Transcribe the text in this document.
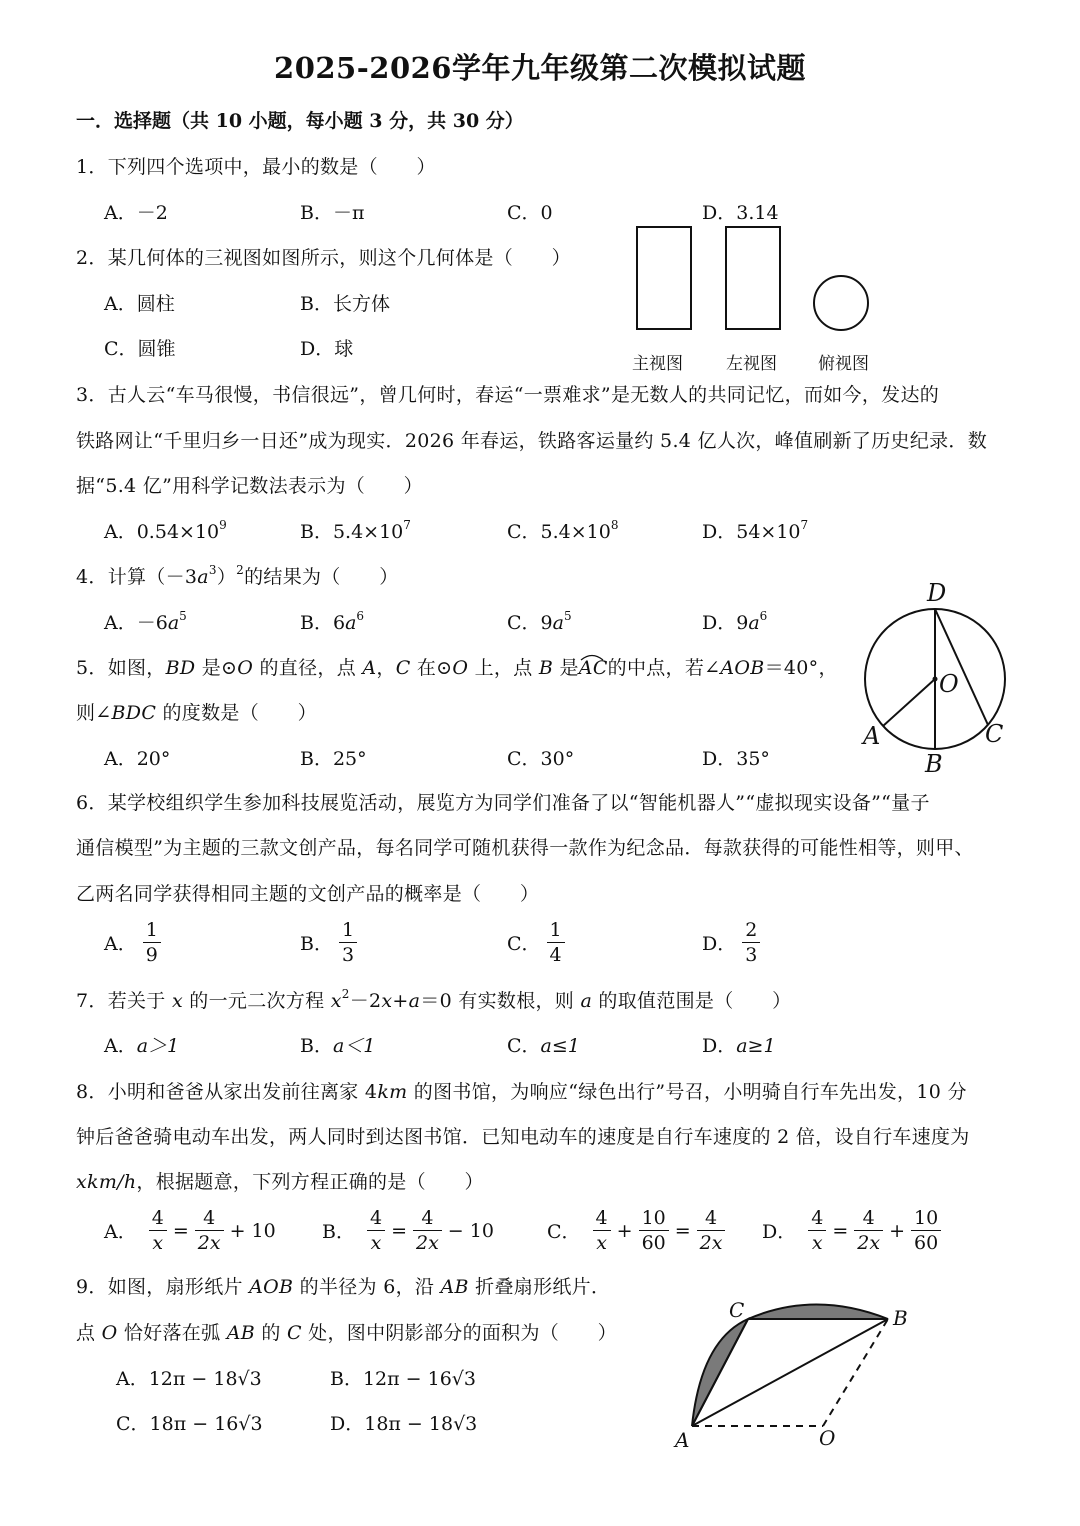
2025-2026学年九年级第二次模拟试题
一．选择题（共 10 小题，每小题 3 分，共 30 分）
1．下列四个选项中，最小的数是（　　）
A．－2	B．－π	C．0	D．3.14
2．某几何体的三视图如图所示，则这个几何体是（　　）
A．圆柱	B．长方体
C．圆锥	D．球
主视图	左视图 俯视图
3．古人云“车马很慢，书信很远”，曾几何时，春运“一票难求”是无数人的共同记忆，而如今，发达的
铁路网让“千里归乡一日还”成为现实．2026 年春运，铁路客运量约 5.4 亿人次，峰值刷新了历史纪录．数
据“5.4 亿”用科学记数法表示为（　　）
A．$0.54\times 10^9$	B．$5.4\times 10^7$	C．$5.4\times 10^8$	D．$54\times 10^7$
4．计算$(-3a^3)^2$的结果为（　　）
A．$-6a^5$	B．$6a^6$	C．$9a^5$	D．$9a^6$
5．如图，BD 是⊙O 的直径，点 A，C 在⊙O 上，点 B 是AC
的中点，若∠AOB＝40°，
则∠BDC 的度数是（　　）
A．20°	B．25°	C．30°	D．35°
D
O
A
B
C
6．某学校组织学生参加科技展览活动，展览方为同学们准备了以“智能机器人”“虚拟现实设备”“量子
通信模型”为主题的三款文创产品，每名同学可随机获得一款作为纪念品．每款获得的可能性相等，则甲、
乙两名同学获得相同主题的文创产品的概率是（　　）
A． $\frac{1}{9}$	B． $\frac{1}{3}$	C． $\frac{1}{4}$	D． $\frac{2}{3}$
7．若关于 x 的一元二次方程 $x^2-2x+a=0$ 有实数根，则 a 的取值范围是（　　）
A．a＞1	B．a＜1	C．a≤1	D．a≥1
8．小明和爸爸从家出发前往离家 4km 的图书馆，为响应“绿色出行”号召，小明骑自行车先出发，10 分
钟后爸爸骑电动车出发，两人同时到达图书馆．已知电动车的速度是自行车速度的 2 倍，设自行车速度为
xkm/h，根据题意，下列方程正确的是（　　）
A． $\frac{4}{x} = \frac{4}{2x} + 10$ B． $\frac{4}{x} = \frac{4}{2x} - 10$	C． $\frac{4}{x} + \frac{10}{60} = \frac{4}{2x}$ D． $\frac{4}{x} = \frac{4}{2x} + \frac{10}{60}$
9．如图，扇形纸片 AOB 的半径为 6，沿 AB 折叠扇形纸片．
点 O 恰好落在弧 AB 的 C 处，图中阴影部分的面积为（　　）
A．12π − 18√3	B．12π − 16√3
C．18π − 16√3	D．18π − 18√3
C	B
A	O
